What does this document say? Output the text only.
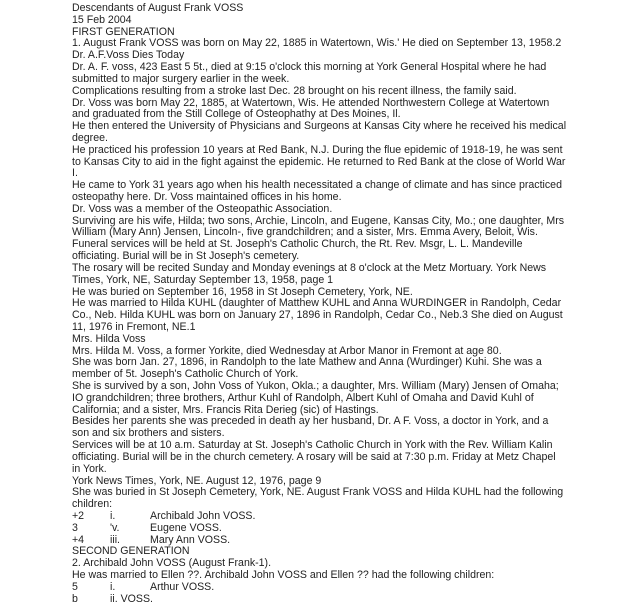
Descendants of August Frank VOSS
15 Feb 2004
FIRST GENERATION
1. August Frank VOSS was born on May 22, 1885 in Watertown, Wis.' He died on September 13, 1958.2
Dr. A.F.Voss Dies Today
Dr. A. F. voss, 423 East 5 5t., died at 9:15 o'clock this morning at York General Hospital where he had
submitted to major surgery earlier in the week.
Complications resulting from a stroke last Dec. 28 brought on his recent illness, the family said.
Dr. Voss was born May 22, 1885, at Watertown, Wis. He attended Northwestern College at Watertown
and graduated from the Still College of Osteophathy at Des Moines, Il.
He then entered the University of Physicians and Surgeons at Kansas City where he received his medical
degree.
He practiced his profession 10 years at Red Bank, N.J. During the flue epidemic of 1918-19, he was sent
to Kansas City to aid in the fight against the epidemic. He returned to Red Bank at the close of World War
I.
He came to York 31 years ago when his health necessitated a change of climate and has since practiced
osteopathy here. Dr. Voss maintained offices in his home.
Dr. Voss was a member of the Osteopathic Association.
Surviving are his wife, Hilda; two sons, Archie, Lincoln, and Eugene, Kansas City, Mo.; one daughter, Mrs
William (Mary Ann) Jensen, Lincoln-, five grandchildren; and a sister, Mrs. Emma Avery, Beloit, Wis.
Funeral services will be held at St. Joseph's Catholic Church, the Rt. Rev. Msgr, L. L. Mandeville
officiating. Burial will be in St Joseph's cemetery.
The rosary will be recited Sunday and Monday evenings at 8 o'clock at the Metz Mortuary. York News
Times, York, NE, Saturday September 13, 1958, page 1
He was buried on September 16, 1958 in St Joseph Cemetery, York, NE.
He was married to Hilda KUHL (daughter of Matthew KUHL and Anna WURDINGER in Randolph, Cedar
Co., Neb. Hilda KUHL was born on January 27, 1896 in Randolph, Cedar Co., Neb.3 She died on August
11, 1976 in Fremont, NE.1
Mrs. Hilda Voss
Mrs. Hilda M. Voss, a former Yorkite, died Wednesday at Arbor Manor in Fremont at age 80.
She was born Jan. 27, 1896, in Randolph to the late Mathew and Anna (Wurdinger) Kuhi. She was a
member of 5t. Joseph's Catholic Church of York.
She is survived by a son, John Voss of Yukon, Okla.; a daughter, Mrs. William (Mary) Jensen of Omaha;
IO grandchildren; three brothers, Arthur Kuhl of Randolph, Albert Kuhl of Omaha and David Kuhl of
California; and a sister, Mrs. Francis Rita Derieg (sic) of Hastings.
Besides her parents she was preceded in death ay her husband, Dr. A F. Voss, a doctor in York, and a
son and six brothers and sisters.
Services will be at 10 a.m. Saturday at St. Joseph's Catholic Church in York with the Rev. William Kalin
officiating. Burial will be in the church cemetery. A rosary will be said at 7:30 p.m. Friday at Metz Chapel
in York.
York News Times, York, NE. August 12, 1976, page 9
She was buried in St Joseph Cemetery, York, NE. August Frank VOSS and Hilda KUHL had the following
children:
+2 i.	Archibald John VOSS.
3	'v.	Eugene VOSS.
+4 iii.	Mary Ann VOSS.
SECOND GENERATION
2. Archibald John VOSS (August Frank-1).
He was married to Ellen ??. Archibald John VOSS and Ellen ?? had the following children:
5	i.	Arthur VOSS.
b	ii. VOSS.
